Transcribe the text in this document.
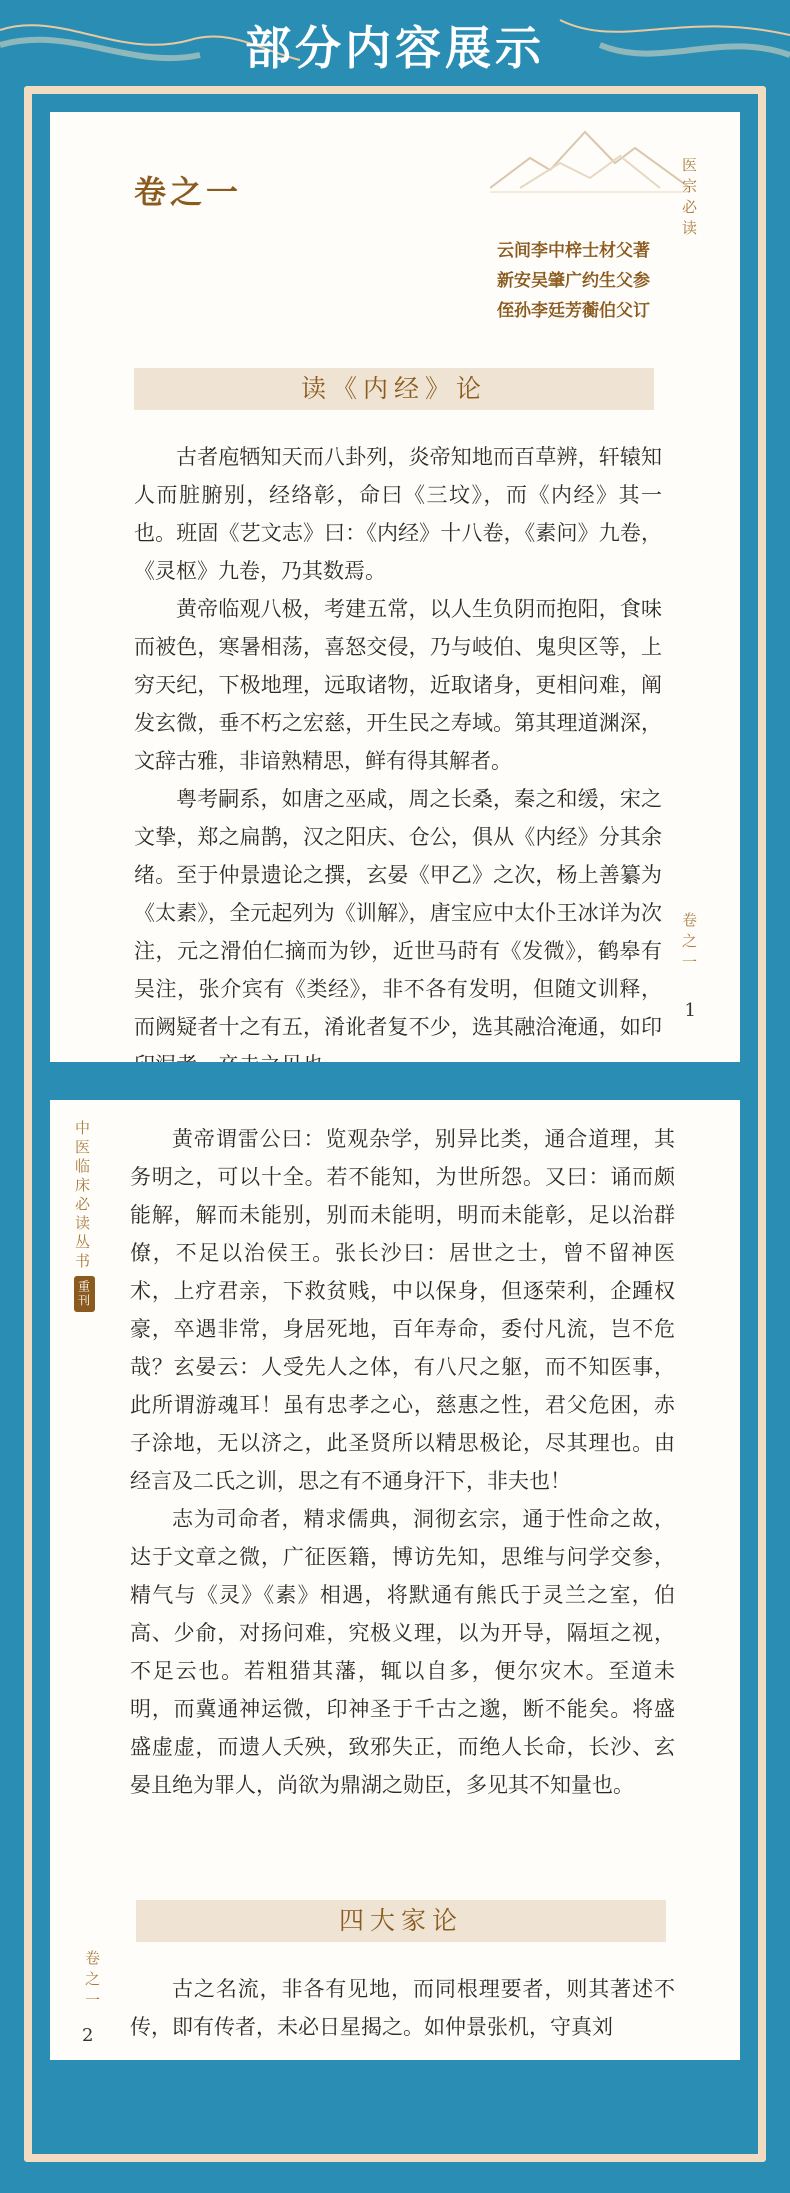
部分内容展示
卷之一	医宗必读
云间李中梓士材父著
新安吴肇广约生父参
侄孙李廷芳蘅伯父订
读《内经》论

古者庖牺知天而八卦列，炎帝知地而百草辨，轩辕知人而脏腑别，经络彰，命曰《三坟》，而《内经》其一也。班固《艺文志》曰：《内经》十八卷，《素问》九卷，《灵枢》九卷，乃其数焉。

黄帝临观八极，考建五常，以人生负阴而抱阳，食味而被色，寒暑相荡，喜怒交侵，乃与岐伯、鬼臾区等，上穷天纪，下极地理，远取诸物，近取诸身，更相问难，阐发玄微，垂不朽之宏慈，开生民之寿域。第其理道渊深，文辞古雅，非谙熟精思，鲜有得其解者。

粤考嗣系，如唐之巫咸，周之长桑，秦之和缓，宋之文挚，郑之扁鹊，汉之阳庆、仓公，俱从《内经》分其余绪。至于仲景遗论之撰，玄晏《甲乙》之次，杨上善纂为《太素》，全元起列为《训解》，唐宝应中太仆王冰详为次注，元之滑伯仁摘而为钞，近世马莳有《发微》，鹤皋有吴注，张介宾有《类经》，非不各有发明，但随文训释，而阙疑者十之有五，淆讹者复不少，选其融洽淹通，如印

卷之一
1
中医临床必读丛书
重刊

黄帝谓雷公曰：览观杂学，别异比类，通合道理，其务明之，可以十全。若不能知，为世所怨。又曰：诵而颇能解，解而未能别，别而未能明，明而未能彰，足以治群僚，不足以治侯王。张长沙曰：居世之士，曾不留神医术，上疗君亲，下救贫贱，中以保身，但逐荣利，企踵权豪，卒遇非常，身居死地，百年寿命，委付凡流，岂不危哉？玄晏云：人受先人之体，有八尺之躯，而不知医事，此所谓游魂耳！虽有忠孝之心，慈惠之性，君父危困，赤子涂地，无以济之，此圣贤所以精思极论，尽其理也。由经言及二氏之训，思之有不通身汗下，非夫也！

志为司命者，精求儒典，洞彻玄宗，通于性命之故，达于文章之微，广征医籍，博访先知，思维与问学交参，精气与《灵》《素》相遇，将默通有熊氏于灵兰之室，伯高、少俞，对扬问难，究极义理，以为开导，隔垣之视，不足云也。若粗猎其藩，辄以自多，便尔灾木。至道未明，而冀通神运微，印神圣于千古之邈，断不能矣。将盛盛虚虚，而遗人夭殃，致邪失正，而绝人长命，长沙、玄晏且绝为罪人，尚欲为鼎湖之勋臣，多见其不知量也。

四大家论

古之名流，非各有见地，而同根理要者，则其著述不传，即有传者，未必日星揭之。如仲景张机，守真刘

卷之一
2
